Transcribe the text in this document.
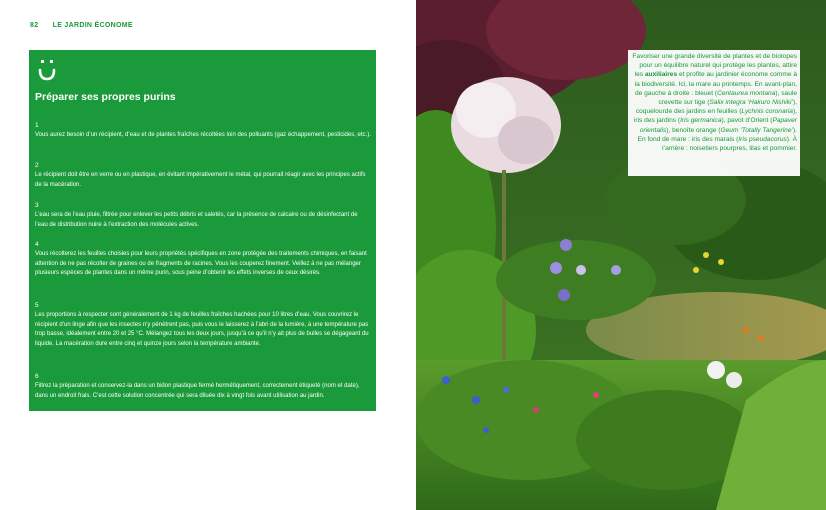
82 LE JARDIN ÉCONOME
Préparer ses propres purins
1
Vous aurez besoin d’un récipient, d’eau et de plantes fraîches récoltées loin des polluants (gaz échappement, pesticides, etc.).
2
Le récipient doit être en verre ou en plastique, en évitant impérativement le métal, qui pourrait réagir avec les principes actifs de la macération.
3
L’eau sera de l’eau pluie, filtrée pour enlever les petits débris et saletés, car la présence de calcaire ou de désinfectant de l’eau de distribution nuire à l’extraction des molécules actives.
4
Vous récolterez les feuilles choisies pour leurs propriétés spécifiques en zone protégée des traitements chimiques, en faisant attention de ne pas récolter de graines ou de fragments de racines. Vous les couperez finement. Veillez à ne pas mélanger plusieurs espèces de plantes dans un même purin, sous peine d’obtenir les effets inverses de ceux désirés.
5
Les proportions à respecter sont généralement de 1 kg de feuilles fraîches hachées pour 10 litres d’eau. Vous couvrirez le récipient d’un linge afin que les insectes n’y pénètrent pas, puis vous le laisserez à l’abri de la lumière, à une température pas trop basse, idéalement entre 20 et 25 °C. Mélangez tous les deux jours, jusqu’à ce qu’il n’y ait plus de bulles se dégageant du liquide. La macération dure entre cinq et quinze jours selon la température ambiante.
6
Filtrez la préparation et conservez-la dans un bidon plastique fermé hermétiquement, correctement étiqueté (nom et date), dans un endroit frais. C’est cette solution concentrée qui sera diluée dix à vingt fois avant utilisation au jardin.
Favoriser une grande diversité de plantes et de biotopes pour un équilibre naturel qui protège les plantes, attire les auxiliaires et profite au jardinier économe comme à la biodiversité. Ici, la mare au printemps. En avant-plan, de gauche à droite : bleuet (Centaurea montana), saule crevette sur tige (Salix integra ‘Hakuro Nishiki’), coquelourde des jardins en feuilles (Lychnis coronaria), iris des jardins (Iris germanica), pavot d’Orient (Papaver orientalis), benoîte orange (Geum ‘Totally Tangerine’). En fond de mare : iris des marais (Iris pseudacorus). À l’arrière : noisetiers pourpres, lilas et pommier.
